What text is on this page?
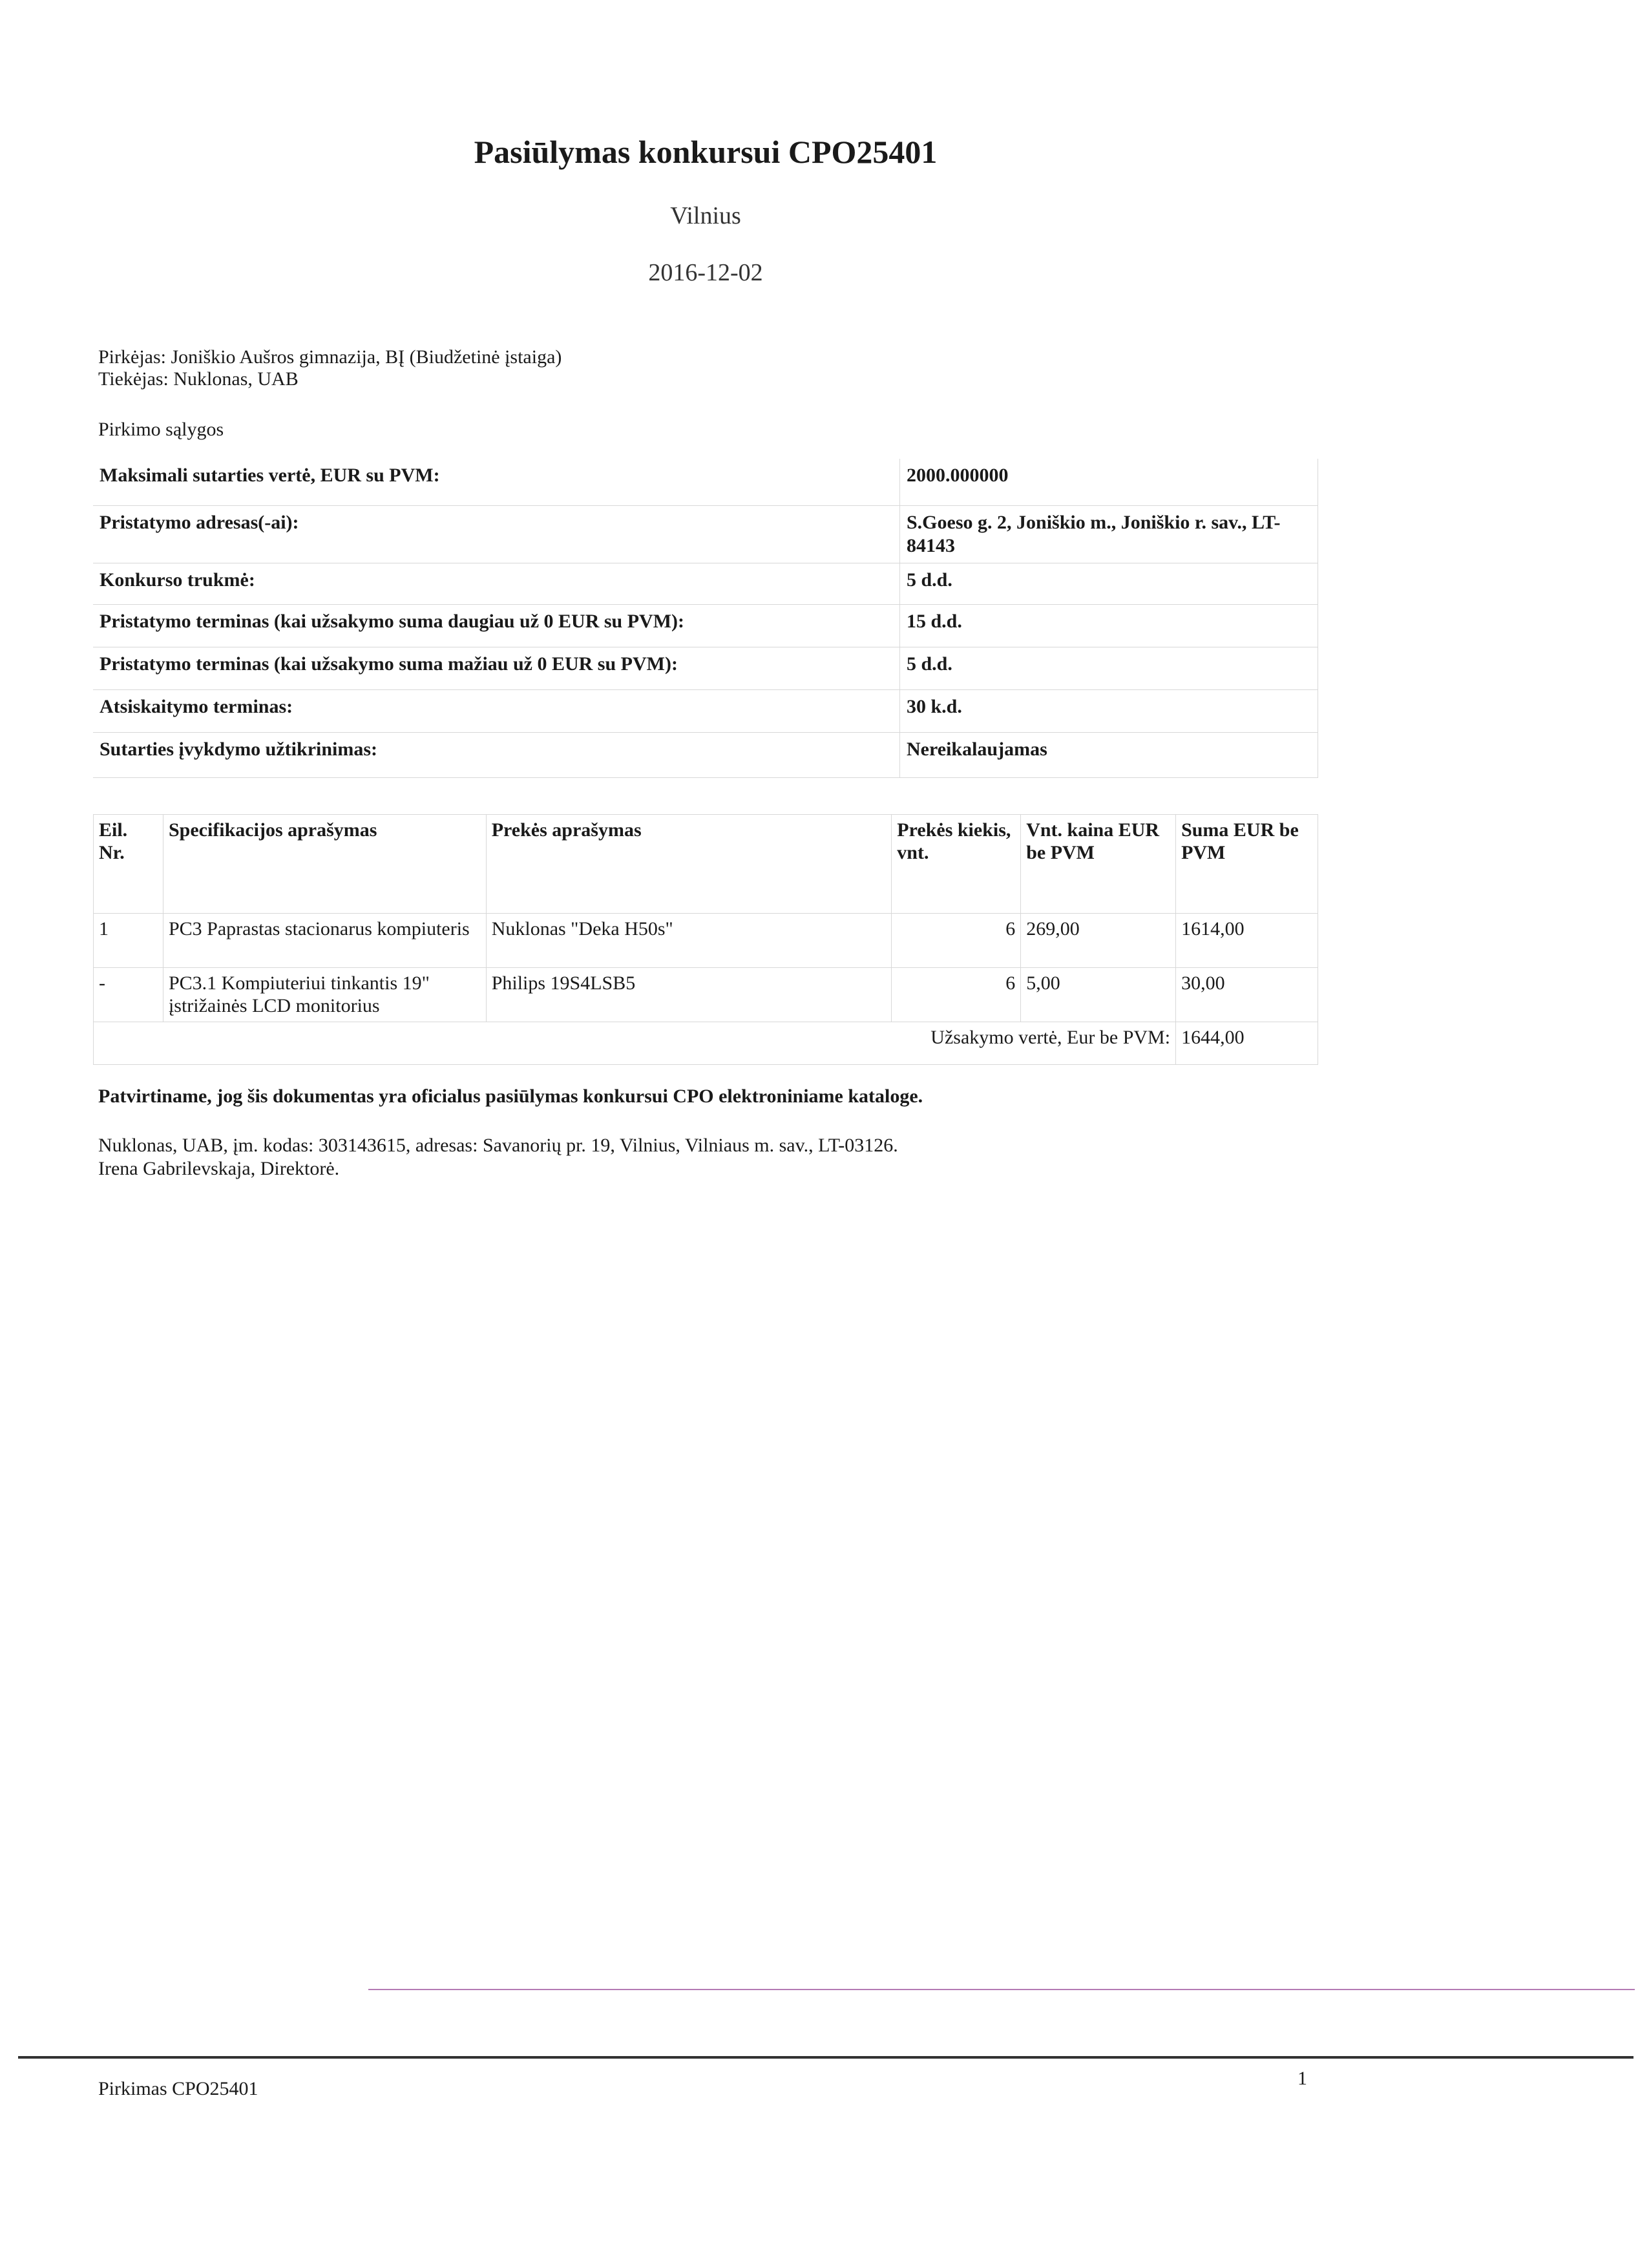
Pasiūlymas konkursui CPO25401
Vilnius
2016-12-02
Pirkėjas: Joniškio Aušros gimnazija, BĮ (Biudžetinė įstaiga)
Tiekėjas: Nuklonas, UAB
Pirkimo sąlygos
Maksimali sutarties vertė, EUR su PVM:	2000.000000
Pristatymo adresas(-ai):	S.Goeso g. 2, Joniškio m., Joniškio r. sav., LT-84143
Konkurso trukmė:	5 d.d.
Pristatymo terminas (kai užsakymo suma daugiau už 0 EUR su PVM):	15 d.d.
Pristatymo terminas (kai užsakymo suma mažiau už 0 EUR su PVM):	5 d.d.
Atsiskaitymo terminas:	30 k.d.
Sutarties įvykdymo užtikrinimas:	Nereikalaujamas
Eil. Nr.	Specifikacijos aprašymas	Prekės aprašymas	Prekės kiekis, vnt.	Vnt. kaina EUR be PVM	Suma EUR be PVM
1	PC3 Paprastas stacionarus kompiuteris	Nuklonas "Deka H50s"	6	269,00	1614,00
-	PC3.1 Kompiuteriui tinkantis 19" įstrižainės LCD monitorius	Philips 19S4LSB5	6	5,00	30,00
Užsakymo vertė, Eur be PVM:					1644,00
Patvirtiname, jog šis dokumentas yra oficialus pasiūlymas konkursui CPO elektroniniame kataloge.
Nuklonas, UAB, įm. kodas: 303143615, adresas: Savanorių pr. 19, Vilnius, Vilniaus m. sav., LT-03126.
Irena Gabrilevskaja, Direktorė.
Pirkimas CPO25401	1
